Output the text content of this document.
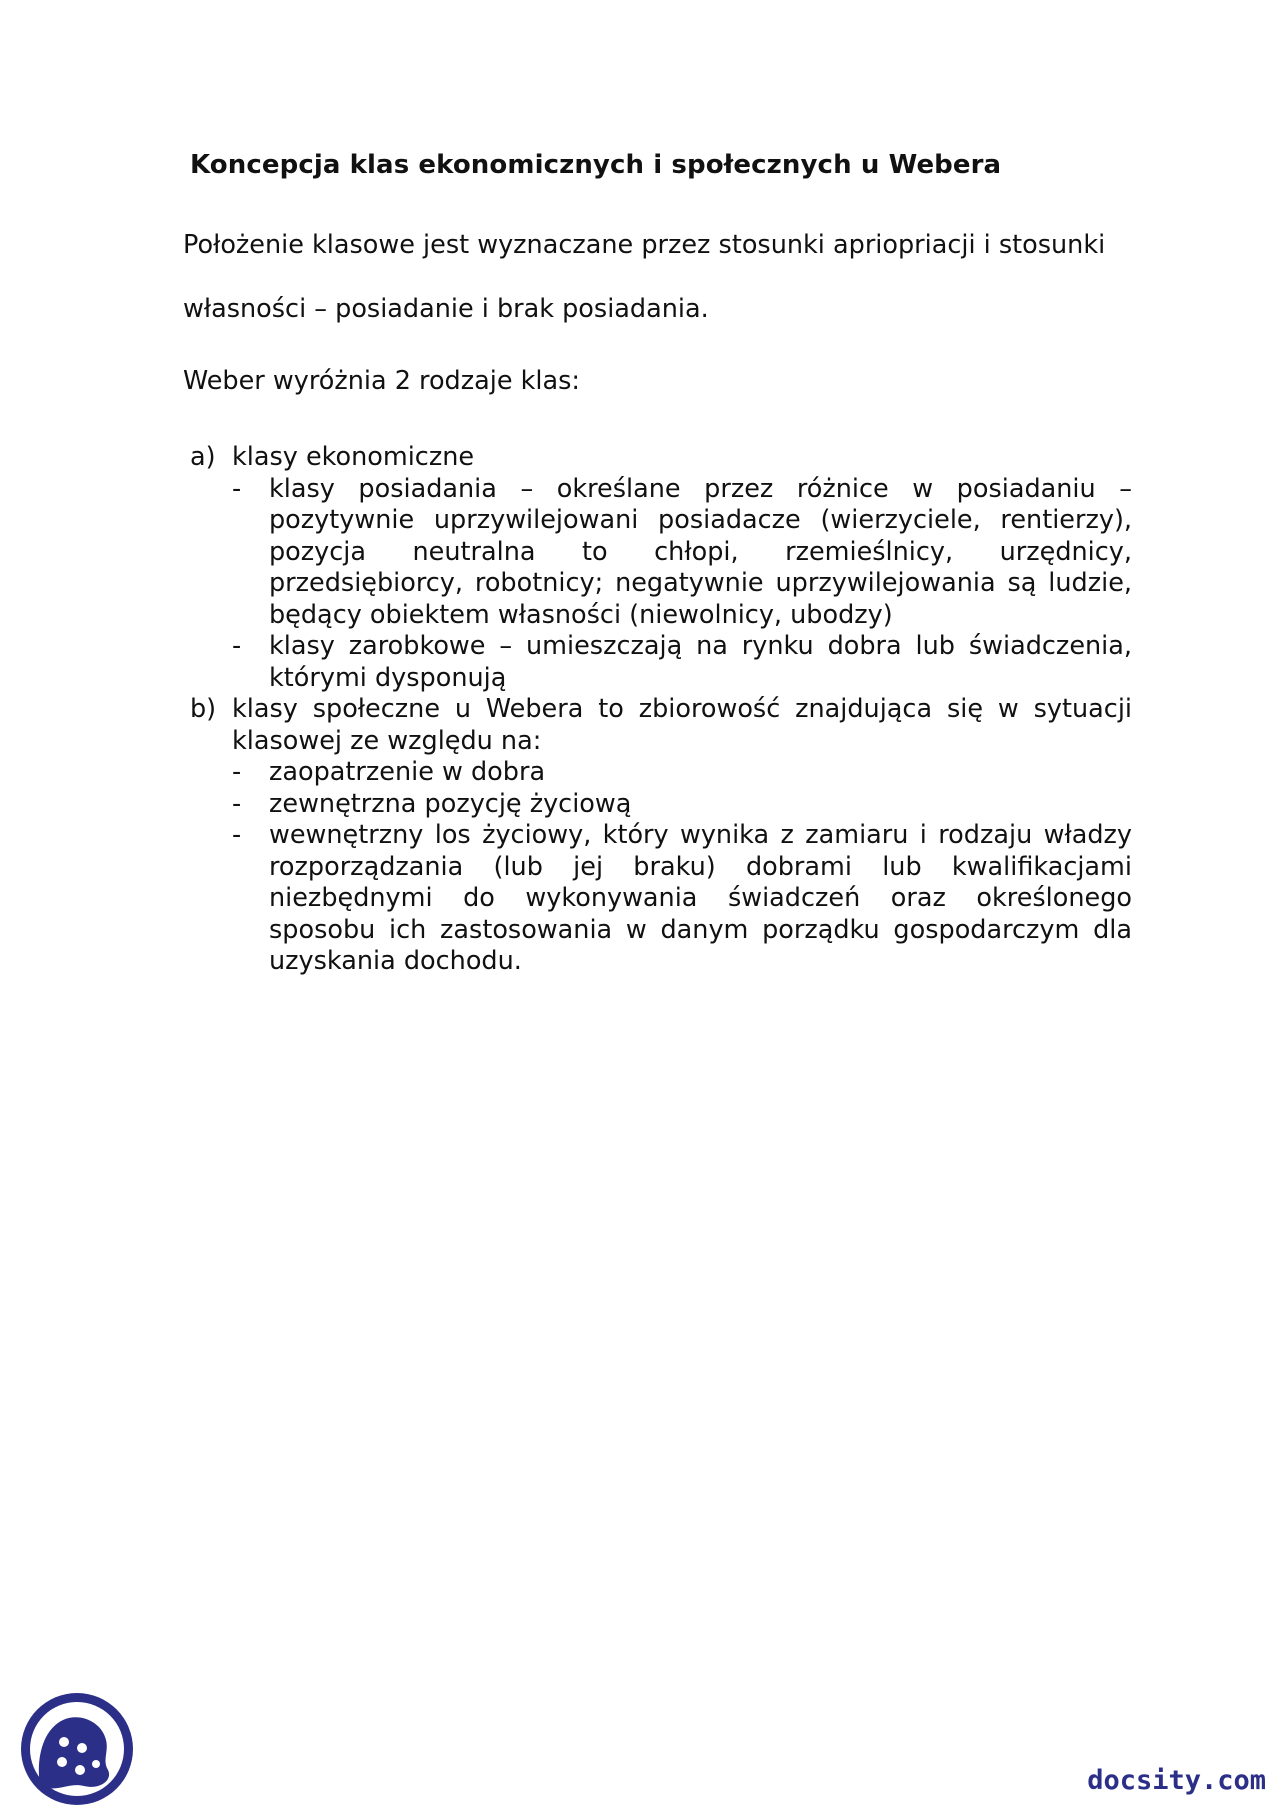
Koncepcja klas ekonomicznych i społecznych u Webera

Położenie klasowe jest wyznaczane przez stosunki apriopriacji i stosunki

własności – posiadanie i brak posiadania.

Weber wyróżnia 2 rodzaje klas:

a) klasy ekonomiczne
- klasy posiadania – określane przez różnice w posiadaniu – pozytywnie uprzywilejowani posiadacze (wierzyciele, rentierzy), pozycja neutralna to chłopi, rzemieślnicy, urzędnicy, przedsiębiorcy, robotnicy; negatywnie uprzywilejowania są ludzie, będący obiektem własności (niewolnicy, ubodzy)
- klasy zarobkowe – umieszczają na rynku dobra lub świadczenia, którymi dysponują
b) klasy społeczne u Webera to zbiorowość znajdująca się w sytuacji klasowej ze względu na:
- zaopatrzenie w dobra
- zewnętrzna pozycję życiową
- wewnętrzny los życiowy, który wynika z zamiaru i rodzaju władzy rozporządzania (lub jej braku) dobrami lub kwalifikacjami niezbędnymi do wykonywania świadczeń oraz określonego sposobu ich zastosowania w danym porządku gospodarczym dla uzyskania dochodu.

docsity.com
